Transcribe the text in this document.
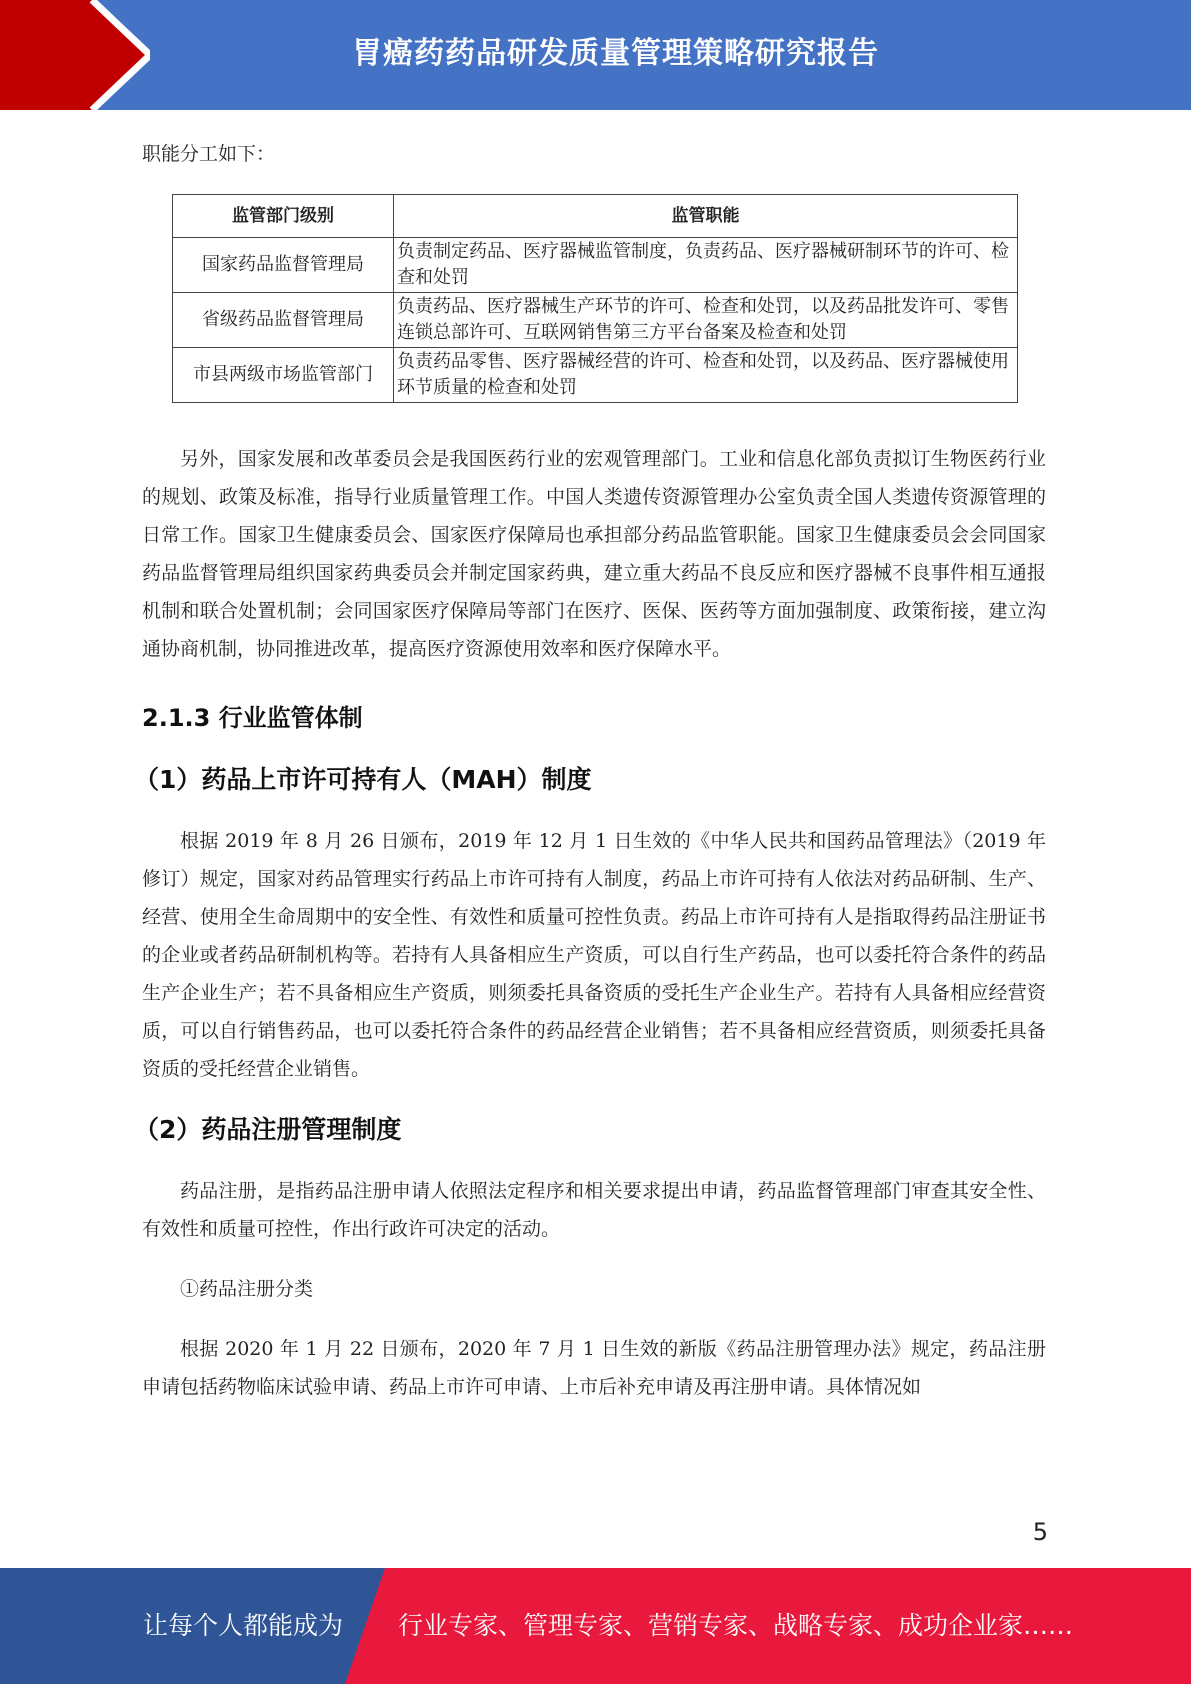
胃癌药药品研发质量管理策略研究报告

职能分工如下：

监管部门级别	监管职能
国家药品监督管理局	负责制定药品、医疗器械监管制度，负责药品、医疗器械研制环节的许可、检查和处罚
省级药品监督管理局	负责药品、医疗器械生产环节的许可、检查和处罚，以及药品批发许可、零售连锁总部许可、互联网销售第三方平台备案及检查和处罚
市县两级市场监管部门	负责药品零售、医疗器械经营的许可、检查和处罚，以及药品、医疗器械使用环节质量的检查和处罚

另外，国家发展和改革委员会是我国医药行业的宏观管理部门。工业和信息化部负责拟订生物医药行业的规划、政策及标准，指导行业质量管理工作。中国人类遗传资源管理办公室负责全国人类遗传资源管理的日常工作。国家卫生健康委员会、国家医疗保障局也承担部分药品监管职能。国家卫生健康委员会会同国家药品监督管理局组织国家药典委员会并制定国家药典，建立重大药品不良反应和医疗器械不良事件相互通报机制和联合处置机制；会同国家医疗保障局等部门在医疗、医保、医药等方面加强制度、政策衔接，建立沟通协商机制，协同推进改革，提高医疗资源使用效率和医疗保障水平。

2.1.3 行业监管体制
（1）药品上市许可持有人（MAH）制度

根据 2019 年 8 月 26 日颁布，2019 年 12 月 1 日生效的《中华人民共和国药品管理法》（2019 年修订）规定，国家对药品管理实行药品上市许可持有人制度，药品上市许可持有人依法对药品研制、生产、经营、使用全生命周期中的安全性、有效性和质量可控性负责。药品上市许可持有人是指取得药品注册证书的企业或者药品研制机构等。若持有人具备相应生产资质，可以自行生产药品，也可以委托符合条件的药品生产企业生产；若不具备相应生产资质，则须委托具备资质的受托生产企业生产。若持有人具备相应经营资质，可以自行销售药品，也可以委托符合条件的药品经营企业销售；若不具备相应经营资质，则须委托具备资质的受托经营企业销售。

（2）药品注册管理制度

药品注册，是指药品注册申请人依照法定程序和相关要求提出申请，药品监督管理部门审查其安全性、有效性和质量可控性，作出行政许可决定的活动。

①药品注册分类

根据 2020 年 1 月 22 日颁布，2020 年 7 月 1 日生效的新版《药品注册管理办法》规定，药品注册申请包括药物临床试验申请、药品上市许可申请、上市后补充申请及再注册申请。具体情况如

5
让每个人都能成为 行业专家、管理专家、营销专家、战略专家、成功企业家……
